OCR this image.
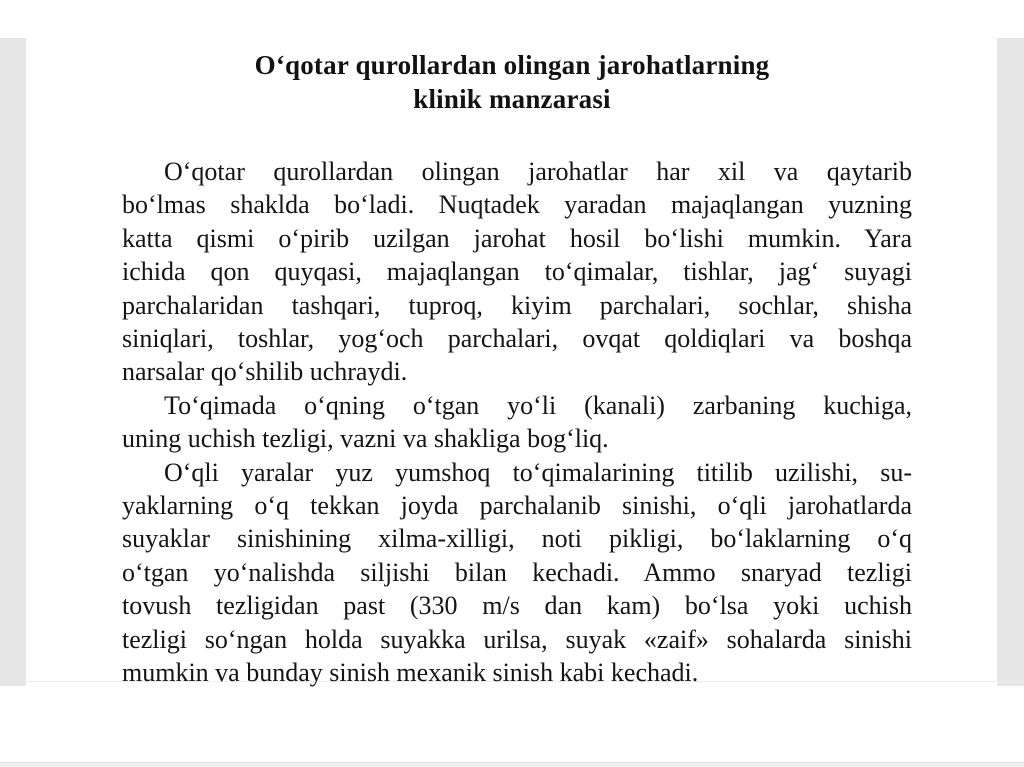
O‘qotar qurollardan olingan jarohatlarning
klinik manzarasi
O‘qotar qurollardan olingan jarohatlar har xil va qaytarib
bo‘lmas shaklda bo‘ladi. Nuqtadek yaradan majaqlangan yuzning
katta qismi o‘pirib uzilgan jarohat hosil bo‘lishi mumkin. Yara
ichida qon quyqasi, majaqlangan to‘qimalar, tishlar, jag‘ suyagi
parchalaridan tashqari, tuproq, kiyim parchalari, sochlar, shisha
siniqlari, toshlar, yog‘och parchalari, ovqat qoldiqlari va boshqa
narsalar qo‘shilib uchraydi.
To‘qimada o‘qning o‘tgan yo‘li (kanali) zarbaning kuchiga,
uning uchish tezligi, vazni va shakliga bog‘liq.
O‘qli yaralar yuz yumshoq to‘qimalarining titilib uzilishi, su-
yaklarning o‘q tekkan joyda parchalanib sinishi, o‘qli jarohatlarda
suyaklar sinishining xilma-xilligi, noti pikligi, bo‘laklarning o‘q
o‘tgan yo‘nalishda siljishi bilan kechadi. Ammo snaryad tezligi
tovush tezligidan past (330 m/s dan kam) bo‘lsa yoki uchish
tezligi so‘ngan holda suyakka urilsa, suyak «zaif» sohalarda sinishi
mumkin va bunday sinish mexanik sinish kabi kechadi.
